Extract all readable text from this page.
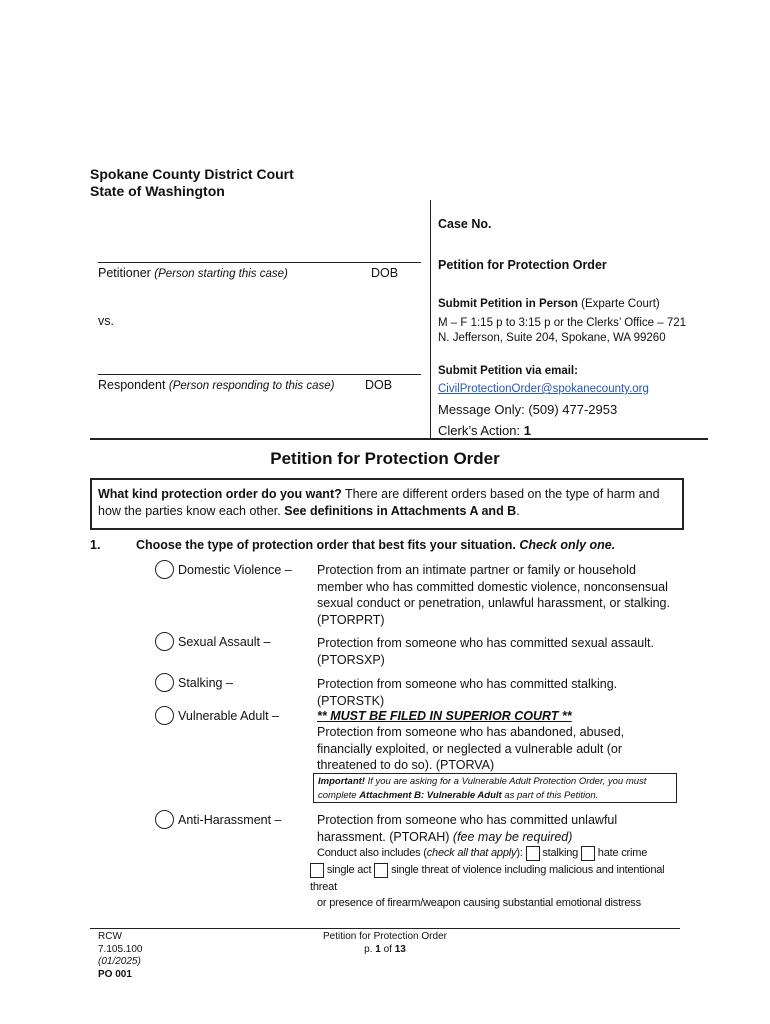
Spokane County District Court
State of Washington
Petitioner (Person starting this case)	DOB
vs.
Respondent (Person responding to this case) DOB
Case No.
Petition for Protection Order
Submit Petition in Person (Exparte Court)
M – F 1:15 p to 3:15 p or the Clerks’ Office – 721 N. Jefferson, Suite 204, Spokane, WA 99260
Submit Petition via email:
CivilProtectionOrder@spokanecounty.org
Message Only: (509) 477-2953
Clerk’s Action: 1
Petition for Protection Order
What kind protection order do you want? There are different orders based on the type of harm and how the parties know each other. See definitions in Attachments A and B.
1.	Choose the type of protection order that best fits your situation. Check only one.
Domestic Violence – Protection from an intimate partner or family or household member who has committed domestic violence, nonconsensual sexual conduct or penetration, unlawful harassment, or stalking. (PTORPRT)
Sexual Assault –	Protection from someone who has committed sexual assault. (PTORSXP)
Stalking –	Protection from someone who has committed stalking. (PTORSTK)
Vulnerable Adult –	** MUST BE FILED IN SUPERIOR COURT **
Protection from someone who has abandoned, abused, financially exploited, or neglected a vulnerable adult (or threatened to do so). (PTORVA)
Important! If you are asking for a Vulnerable Adult Protection Order, you must complete Attachment B: Vulnerable Adult as part of this Petition.
Anti-Harassment –	Protection from someone who has committed unlawful harassment. (PTORAH) (fee may be required)
Conduct also includes (check all that apply): stalking hate crime
single act single threat of violence including malicious and intentional threat
or presence of firearm/weapon causing substantial emotional distress
RCW
7.105.100
(01/2025)
PO 001
Petition for Protection Order
p. 1 of 13
